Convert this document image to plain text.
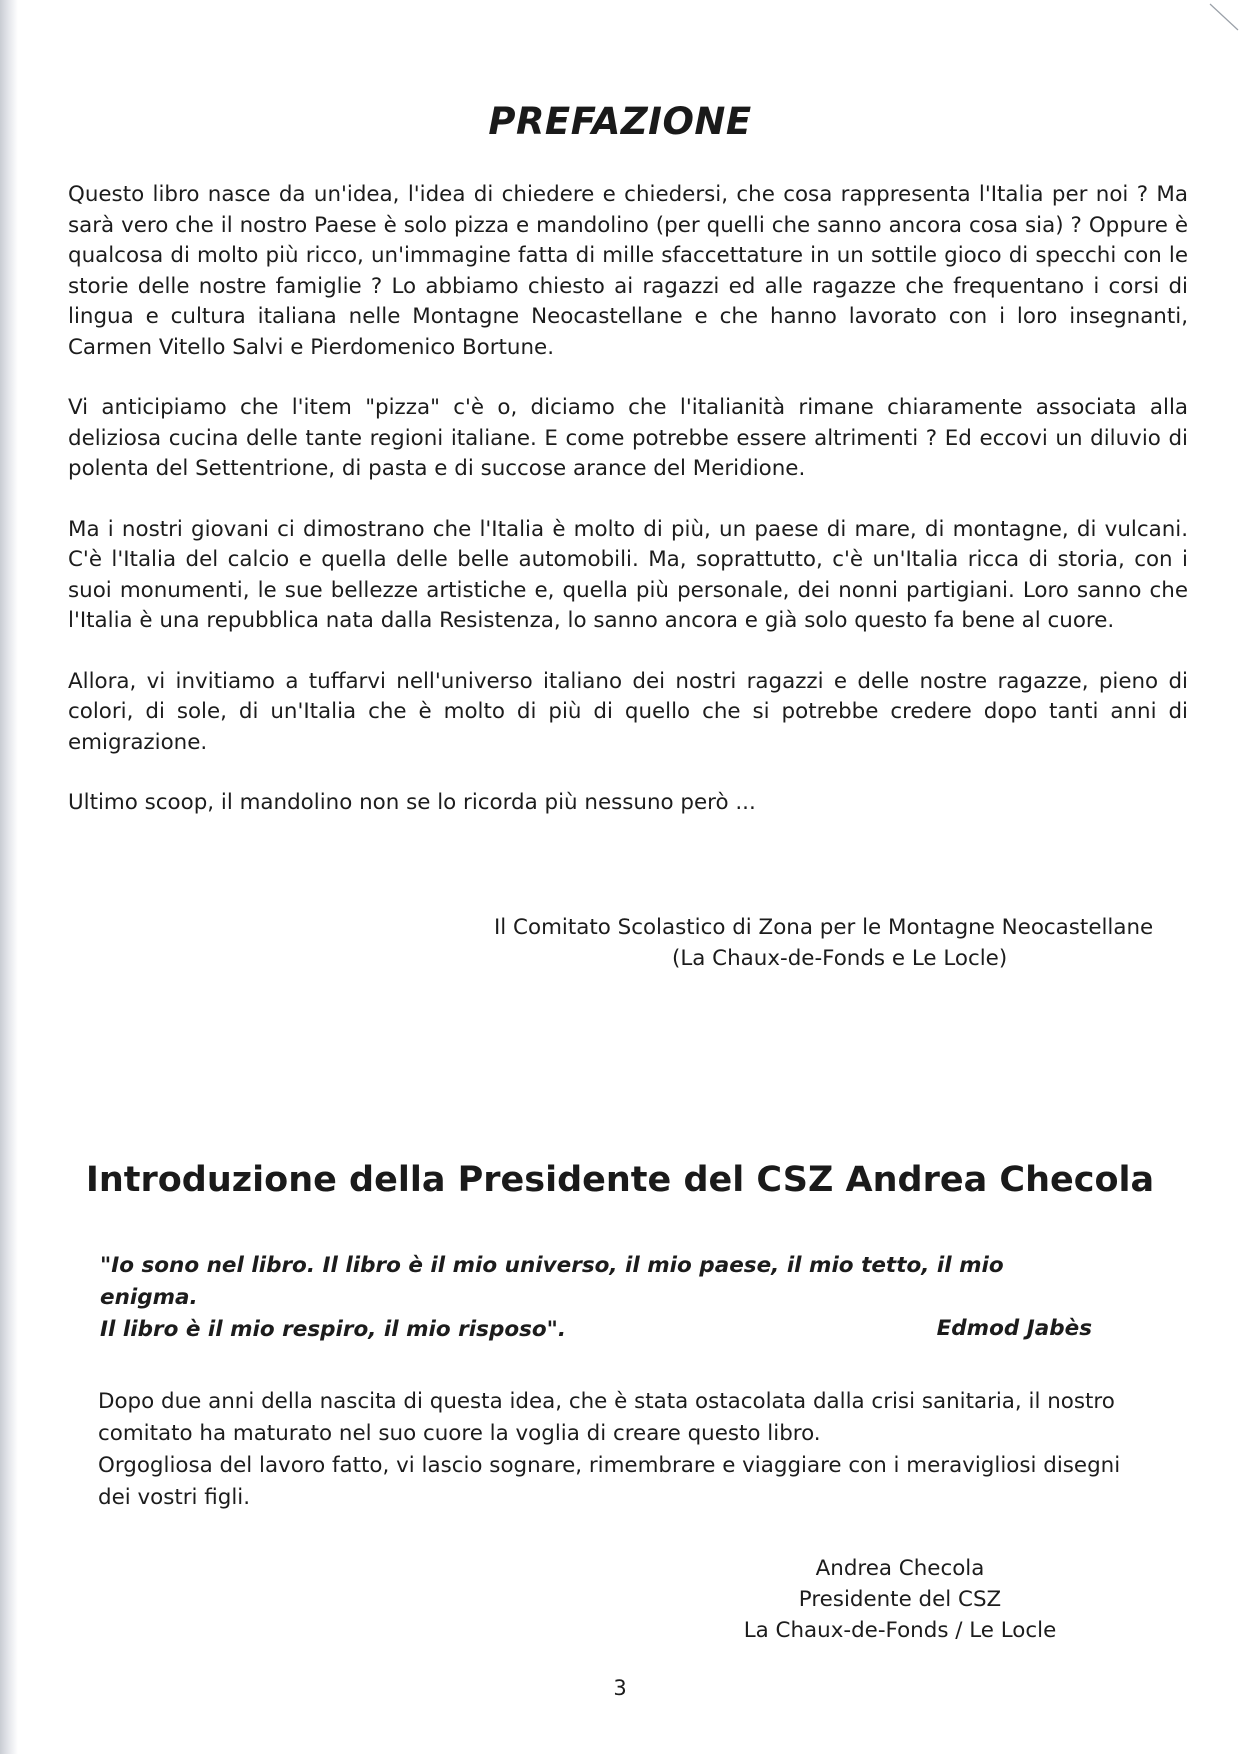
PREFAZIONE

Questo libro nasce da un'idea, l'idea di chiedere e chiedersi, che cosa rappresenta l'Italia per noi ? Ma sarà vero che il nostro Paese è solo pizza e mandolino (per quelli che sanno ancora cosa sia) ? Oppure è qualcosa di molto più ricco, un'immagine fatta di mille sfaccettature in un sottile gioco di specchi con le storie delle nostre famiglie ? Lo abbiamo chiesto ai ragazzi ed alle ragazze che frequentano i corsi di lingua e cultura italiana nelle Montagne Neocastellane e che hanno lavorato con i loro insegnanti, Carmen Vitello Salvi e Pierdomenico Bortune.

Vi anticipiamo che l'item "pizza" c'è o, diciamo che l'italianità rimane chiaramente associata alla deliziosa cucina delle tante regioni italiane. E come potrebbe essere altrimenti ? Ed eccovi un diluvio di polenta del Settentrione, di pasta e di succose arance del Meridione.

Ma i nostri giovani ci dimostrano che l'Italia è molto di più, un paese di mare, di montagne, di vulcani. C'è l'Italia del calcio e quella delle belle automobili. Ma, soprattutto, c'è un'Italia ricca di storia, con i suoi monumenti, le sue bellezze artistiche e, quella più personale, dei nonni partigiani. Loro sanno che l'Italia è una repubblica nata dalla Resistenza, lo sanno ancora e già solo questo fa bene al cuore.

Allora, vi invitiamo a tuffarvi nell'universo italiano dei nostri ragazzi e delle nostre ragazze, pieno di colori, di sole, di un'Italia che è molto di più di quello che si potrebbe credere dopo tanti anni di emigrazione.

Ultimo scoop, il mandolino non se lo ricorda più nessuno però ...

Il Comitato Scolastico di Zona per le Montagne Neocastellane
(La Chaux-de-Fonds e Le Locle)
Introduzione della Presidente del CSZ Andrea Checola
"Io sono nel libro. Il libro è il mio universo, il mio paese, il mio tetto, il mio enigma.
Il libro è il mio respiro, il mio risposo".	Edmod Jabès
Dopo due anni della nascita di questa idea, che è stata ostacolata dalla crisi sanitaria, il nostro
comitato ha maturato nel suo cuore la voglia di creare questo libro.
Orgogliosa del lavoro fatto, vi lascio sognare, rimembrare e viaggiare con i meravigliosi disegni
dei vostri figli.
Andrea Checola
Presidente del CSZ
La Chaux-de-Fonds / Le Locle
3
